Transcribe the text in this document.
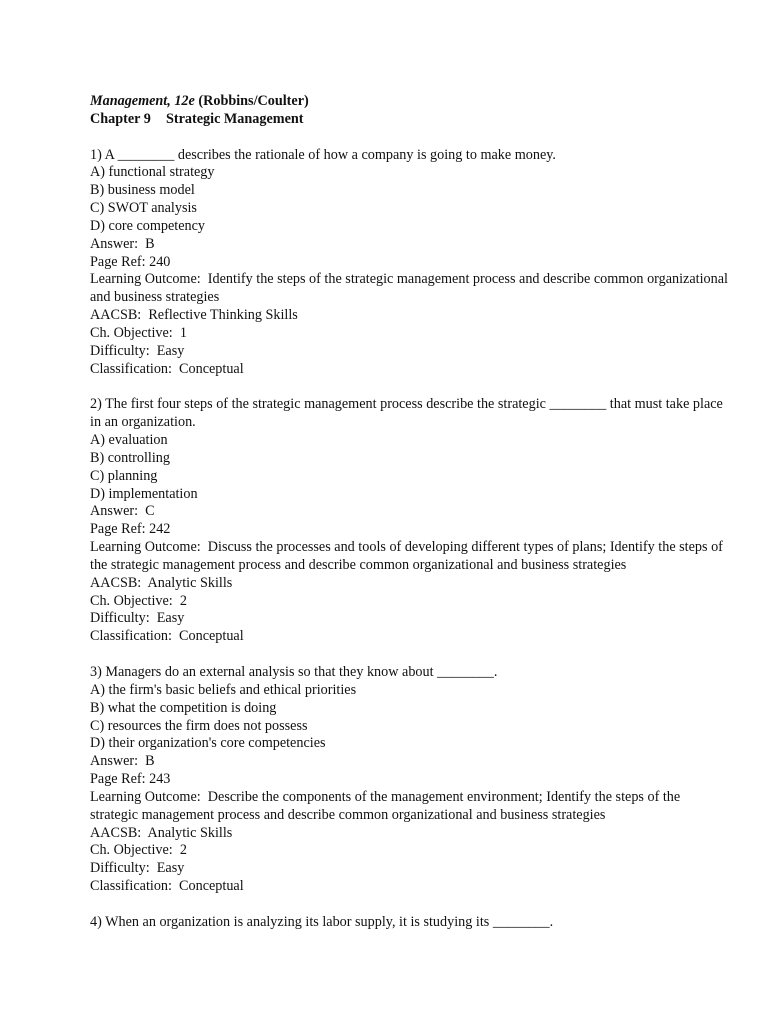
Management, 12e (Robbins/Coulter)

Chapter 9 Strategic Management

1) A ________ describes the rationale of how a company is going to make money.

A) functional strategy

B) business model

C) SWOT analysis

D) core competency

Answer:  B

Page Ref: 240

Learning Outcome:  Identify the steps of the strategic management process and describe common organizational and business strategies

AACSB:  Reflective Thinking Skills

Ch. Objective:  1

Difficulty:  Easy

Classification:  Conceptual

2) The first four steps of the strategic management process describe the strategic ________ that must take place in an organization.

A) evaluation

B) controlling

C) planning

D) implementation

Answer:  C

Page Ref: 242

Learning Outcome:  Discuss the processes and tools of developing different types of plans; Identify the steps of the strategic management process and describe common organizational and business strategies

AACSB:  Analytic Skills

Ch. Objective:  2

Difficulty:  Easy

Classification:  Conceptual

3) Managers do an external analysis so that they know about ________.

A) the firm's basic beliefs and ethical priorities

B) what the competition is doing

C) resources the firm does not possess

D) their organization's core competencies

Answer:  B

Page Ref: 243

Learning Outcome:  Describe the components of the management environment; Identify the steps of the strategic management process and describe common organizational and business strategies

AACSB:  Analytic Skills

Ch. Objective:  2

Difficulty:  Easy

Classification:  Conceptual

4) When an organization is analyzing its labor supply, it is studying its ________.
